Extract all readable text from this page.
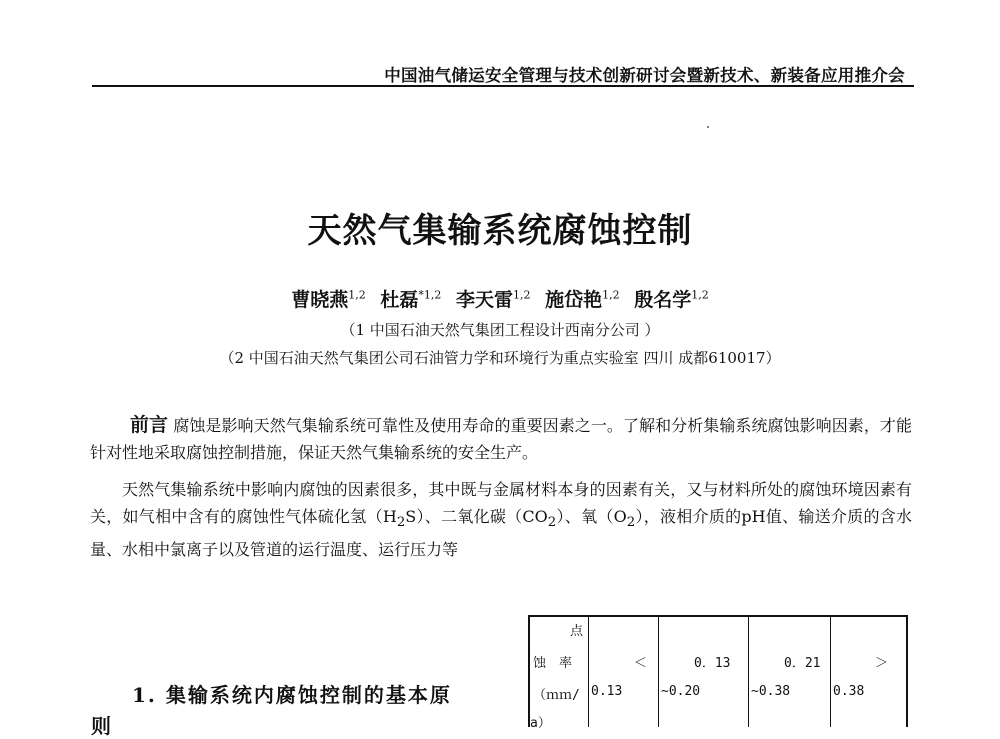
中国油气储运安全管理与技术创新研讨会暨新技术、新装备应用推介会
天然气集输系统腐蚀控制
曹晓燕$^{1,2}$ 杜磊$^{*1,2}$ 李天雷$^{1,2}$ 施岱艳$^{1,2}$ 殷名学$^{1,2}$
（1 中国石油天然气集团工程设计西南分公司 ）
（2 中国石油天然气集团公司石油管力学和环境行为重点实验室 四川 成都610017）
前言 腐蚀是影响天然气集输系统可靠性及使用寿命的重要因素之一。了解和分析集输系统腐蚀影响因素，才能针对性地采取腐蚀控制措施，保证天然气集输系统的安全生产。
天然气集输系统中影响内腐蚀的因素很多，其中既与金属材料本身的因素有关，又与材料所处的腐蚀环境因素有关，如气相中含有的腐蚀性气体硫化氢$(H_2S)$、二氧化碳$(CO_2)$、氧$(O_2)$，液相介质的pH值、输送介质的含水量、水相中氯离子以及管道的运行温度、运行压力等
1. 集输系统内腐蚀控制的基本原
则
点
蚀　率
（ｍｍ/
a）
＜
0.13
0．13
~0.20
0．21
~0.38
＞
0.38
